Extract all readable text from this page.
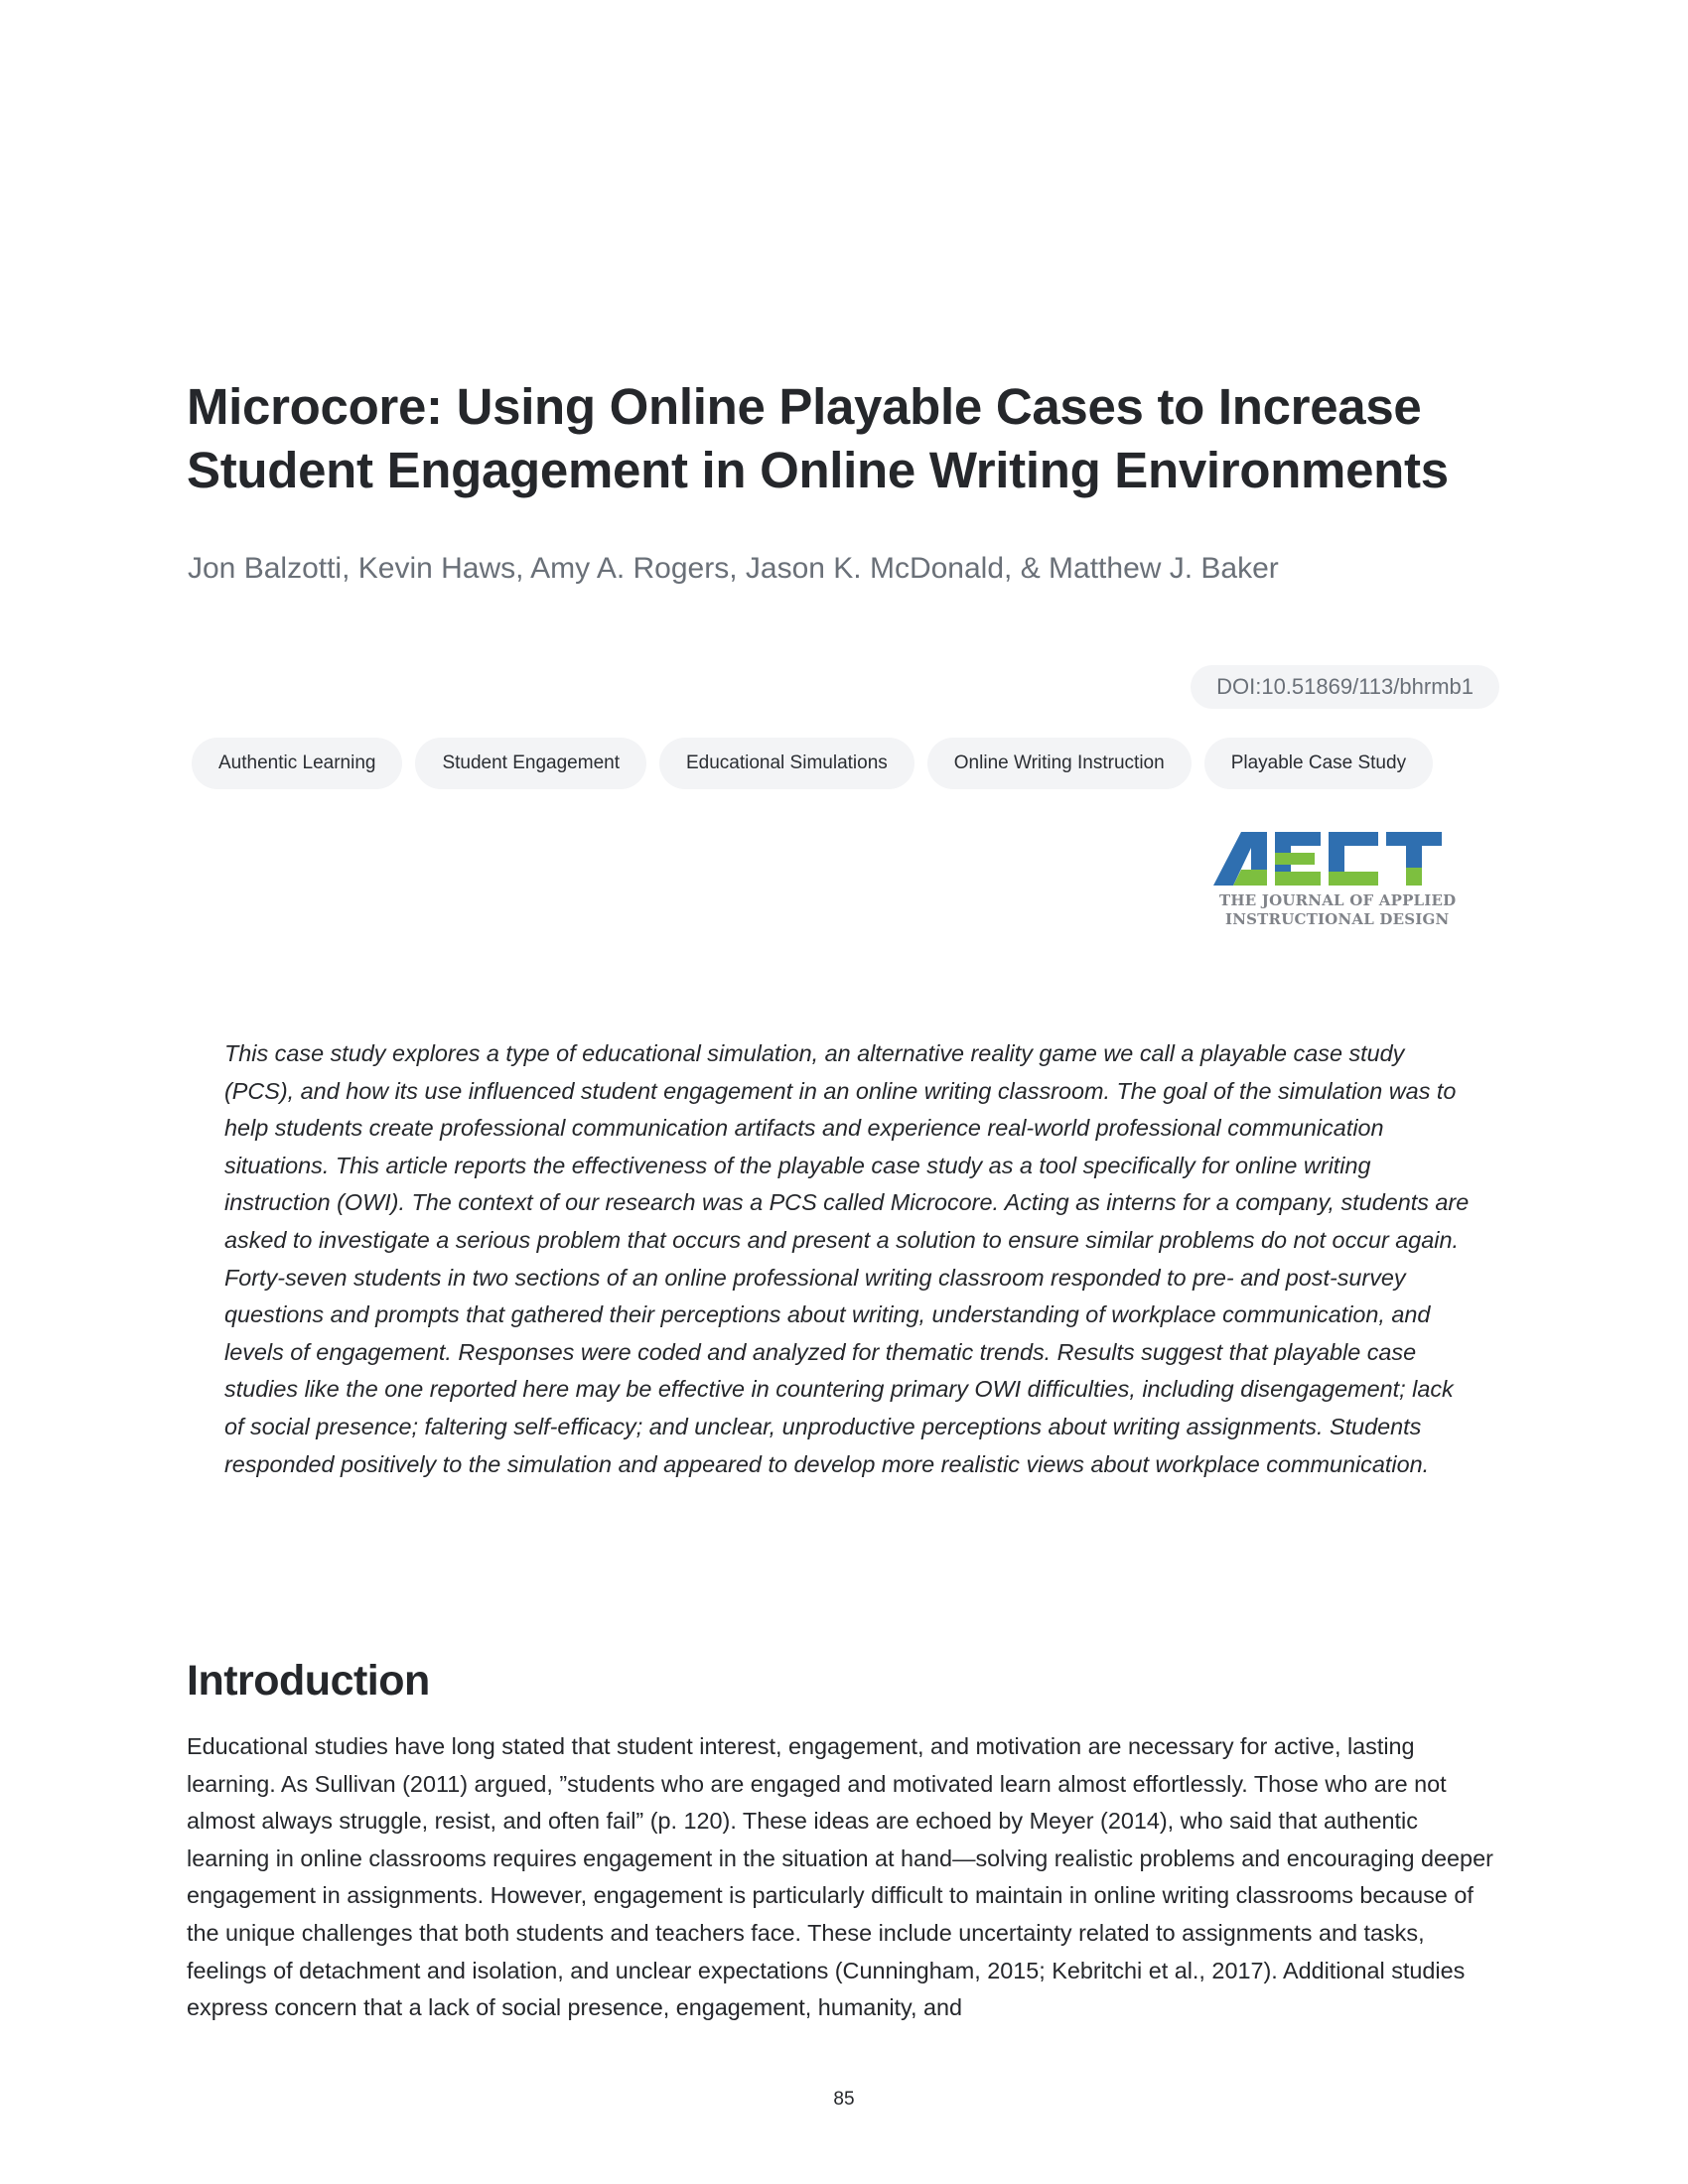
Microcore: Using Online Playable Cases to Increase Student Engagement in Online Writing Environments
Jon Balzotti, Kevin Haws, Amy A. Rogers, Jason K. McDonald, & Matthew J. Baker
DOI:10.51869/113/bhrmb1
Authentic Learning	Student Engagement	Educational Simulations	Online Writing Instruction	Playable Case Study
THE JOURNAL OF APPLIED
INSTRUCTIONAL DESIGN

This case study explores a type of educational simulation, an alternative reality game we call a playable case study (PCS), and how its use influenced student engagement in an online writing classroom. The goal of the simulation was to help students create professional communication artifacts and experience real-world professional communication situations. This article reports the effectiveness of the playable case study as a tool specifically for online writing instruction (OWI). The context of our research was a PCS called Microcore. Acting as interns for a company, students are asked to investigate a serious problem that occurs and present a solution to ensure similar problems do not occur again. Forty-seven students in two sections of an online professional writing classroom responded to pre- and post-survey questions and prompts that gathered their perceptions about writing, understanding of workplace communication, and levels of engagement. Responses were coded and analyzed for thematic trends. Results suggest that playable case studies like the one reported here may be effective in countering primary OWI difficulties, including disengagement; lack of social presence; faltering self-efficacy; and unclear, unproductive perceptions about writing assignments. Students responded positively to the simulation and appeared to develop more realistic views about workplace communication.

Introduction

Educational studies have long stated that student interest, engagement, and motivation are necessary for active, lasting learning. As Sullivan (2011) argued, ”students who are engaged and motivated learn almost effortlessly. Those who are not almost always struggle, resist, and often fail” (p. 120). These ideas are echoed by Meyer (2014), who said that authentic learning in online classrooms requires engagement in the situation at hand—solving realistic problems and encouraging deeper engagement in assignments. However, engagement is particularly difficult to maintain in online writing classrooms because of the unique challenges that both students and teachers face. These include uncertainty related to assignments and tasks, feelings of detachment and isolation, and unclear expectations (Cunningham, 2015; Kebritchi et al., 2017). Additional studies express concern that a lack of social presence, engagement, humanity, and

85
